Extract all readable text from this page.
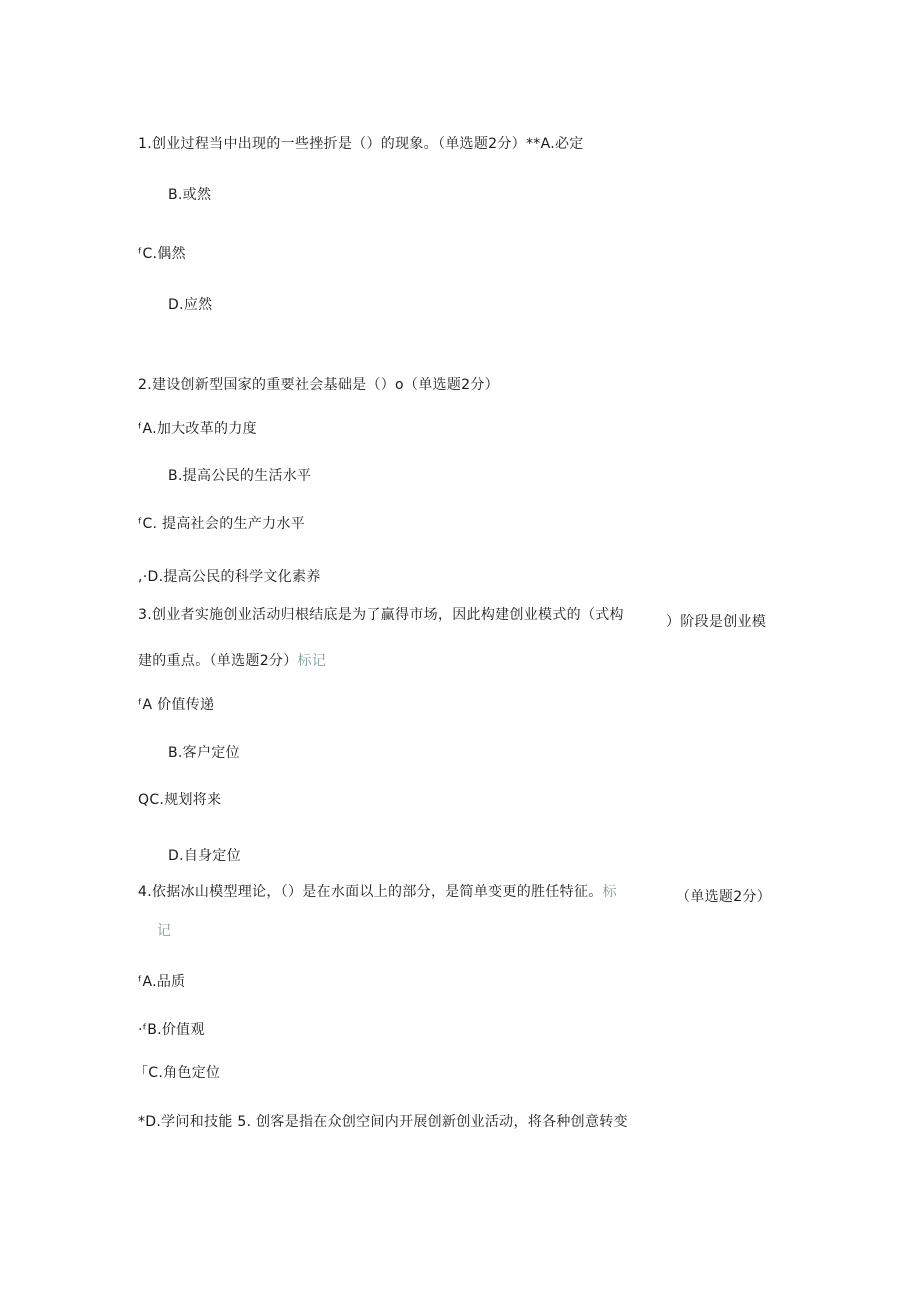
1.创业过程当中出现的一些挫折是（）的现象。（单选题2分）**A.必定
B.或然
ᶠC.偶然
D.应然
2.建设创新型国家的重要社会基础是（）o（单选题2分）
ᶠA.加大改革的力度
B.提高公民的生活水平
ᶠC. 提高社会的生产力水平
,·D.提高公民的科学文化素养
3.创业者实施创业活动归根结底是为了赢得市场，因此构建创业模式的（式构	）阶段是创业模
建的重点。（单选题2分）标记
ᶠA 价值传递
B.客户定位
QC.规划将来
D.自身定位
4.依据冰山模型理论，（）是在水面以上的部分，是简单变更的胜任特征。标	（单选题2分）
记
ᶠA.品质
·ᶠB.价值观
「C.角色定位
*D.学问和技能 5. 创客是指在众创空间内开展创新创业活动，将各种创意转变
